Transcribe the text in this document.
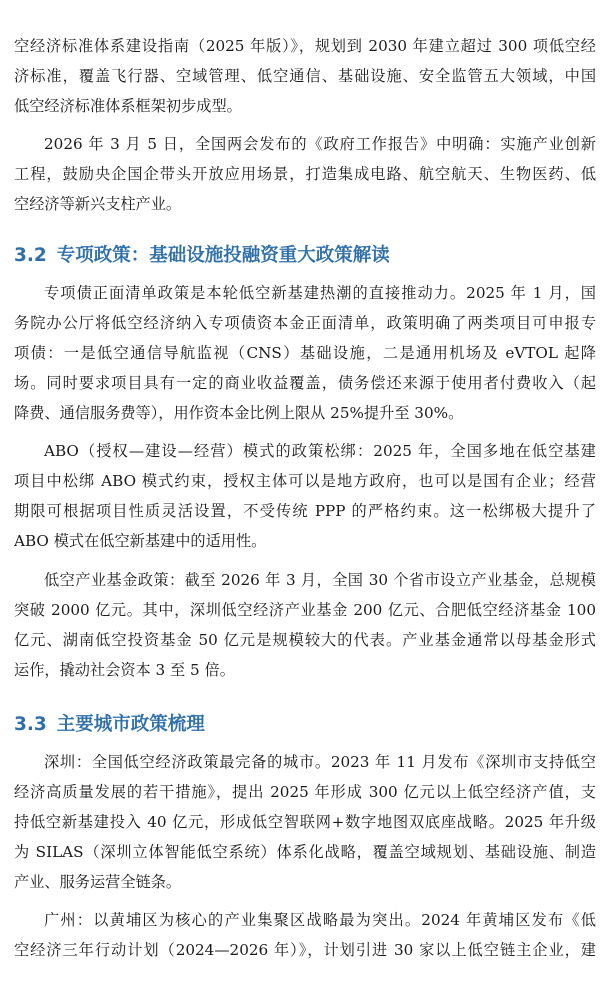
空经济标准体系建设指南（2025 年版）》，规划到 2030 年建立超过 300 项低空经
济标准，覆盖飞行器、空域管理、低空通信、基础设施、安全监管五大领域，中国
低空经济标准体系框架初步成型。
2026 年 3 月 5 日，全国两会发布的《政府工作报告》中明确：实施产业创新
工程，鼓励央企国企带头开放应用场景，打造集成电路、航空航天、生物医药、低
空经济等新兴支柱产业。
3.2 专项政策：基础设施投融资重大政策解读
专项债正面清单政策是本轮低空新基建热潮的直接推动力。2025 年 1 月，国
务院办公厅将低空经济纳入专项债资本金正面清单，政策明确了两类项目可申报专
项债：一是低空通信导航监视（CNS）基础设施，二是通用机场及 eVTOL 起降
场。同时要求项目具有一定的商业收益覆盖，债务偿还来源于使用者付费收入（起
降费、通信服务费等），用作资本金比例上限从 25%提升至 30%。
ABO（授权—建设—经营）模式的政策松绑：2025 年，全国多地在低空基建
项目中松绑 ABO 模式约束，授权主体可以是地方政府，也可以是国有企业；经营
期限可根据项目性质灵活设置，不受传统 PPP 的严格约束。这一松绑极大提升了
ABO 模式在低空新基建中的适用性。
低空产业基金政策：截至 2026 年 3 月，全国 30 个省市设立产业基金，总规模
突破 2000 亿元。其中，深圳低空经济产业基金 200 亿元、合肥低空经济基金 100
亿元、湖南低空投资基金 50 亿元是规模较大的代表。产业基金通常以母基金形式
运作，撬动社会资本 3 至 5 倍。
3.3 主要城市政策梳理
深圳：全国低空经济政策最完备的城市。2023 年 11 月发布《深圳市支持低空
经济高质量发展的若干措施》，提出 2025 年形成 300 亿元以上低空经济产值，支
持低空新基建投入 40 亿元，形成低空智联网+数字地图双底座战略。2025 年升级
为 SILAS（深圳立体智能低空系统）体系化战略，覆盖空域规划、基础设施、制造
产业、服务运营全链条。
广州：以黄埔区为核心的产业集聚区战略最为突出。2024 年黄埔区发布《低
空经济三年行动计划（2024—2026 年）》，计划引进 30 家以上低空链主企业，建
